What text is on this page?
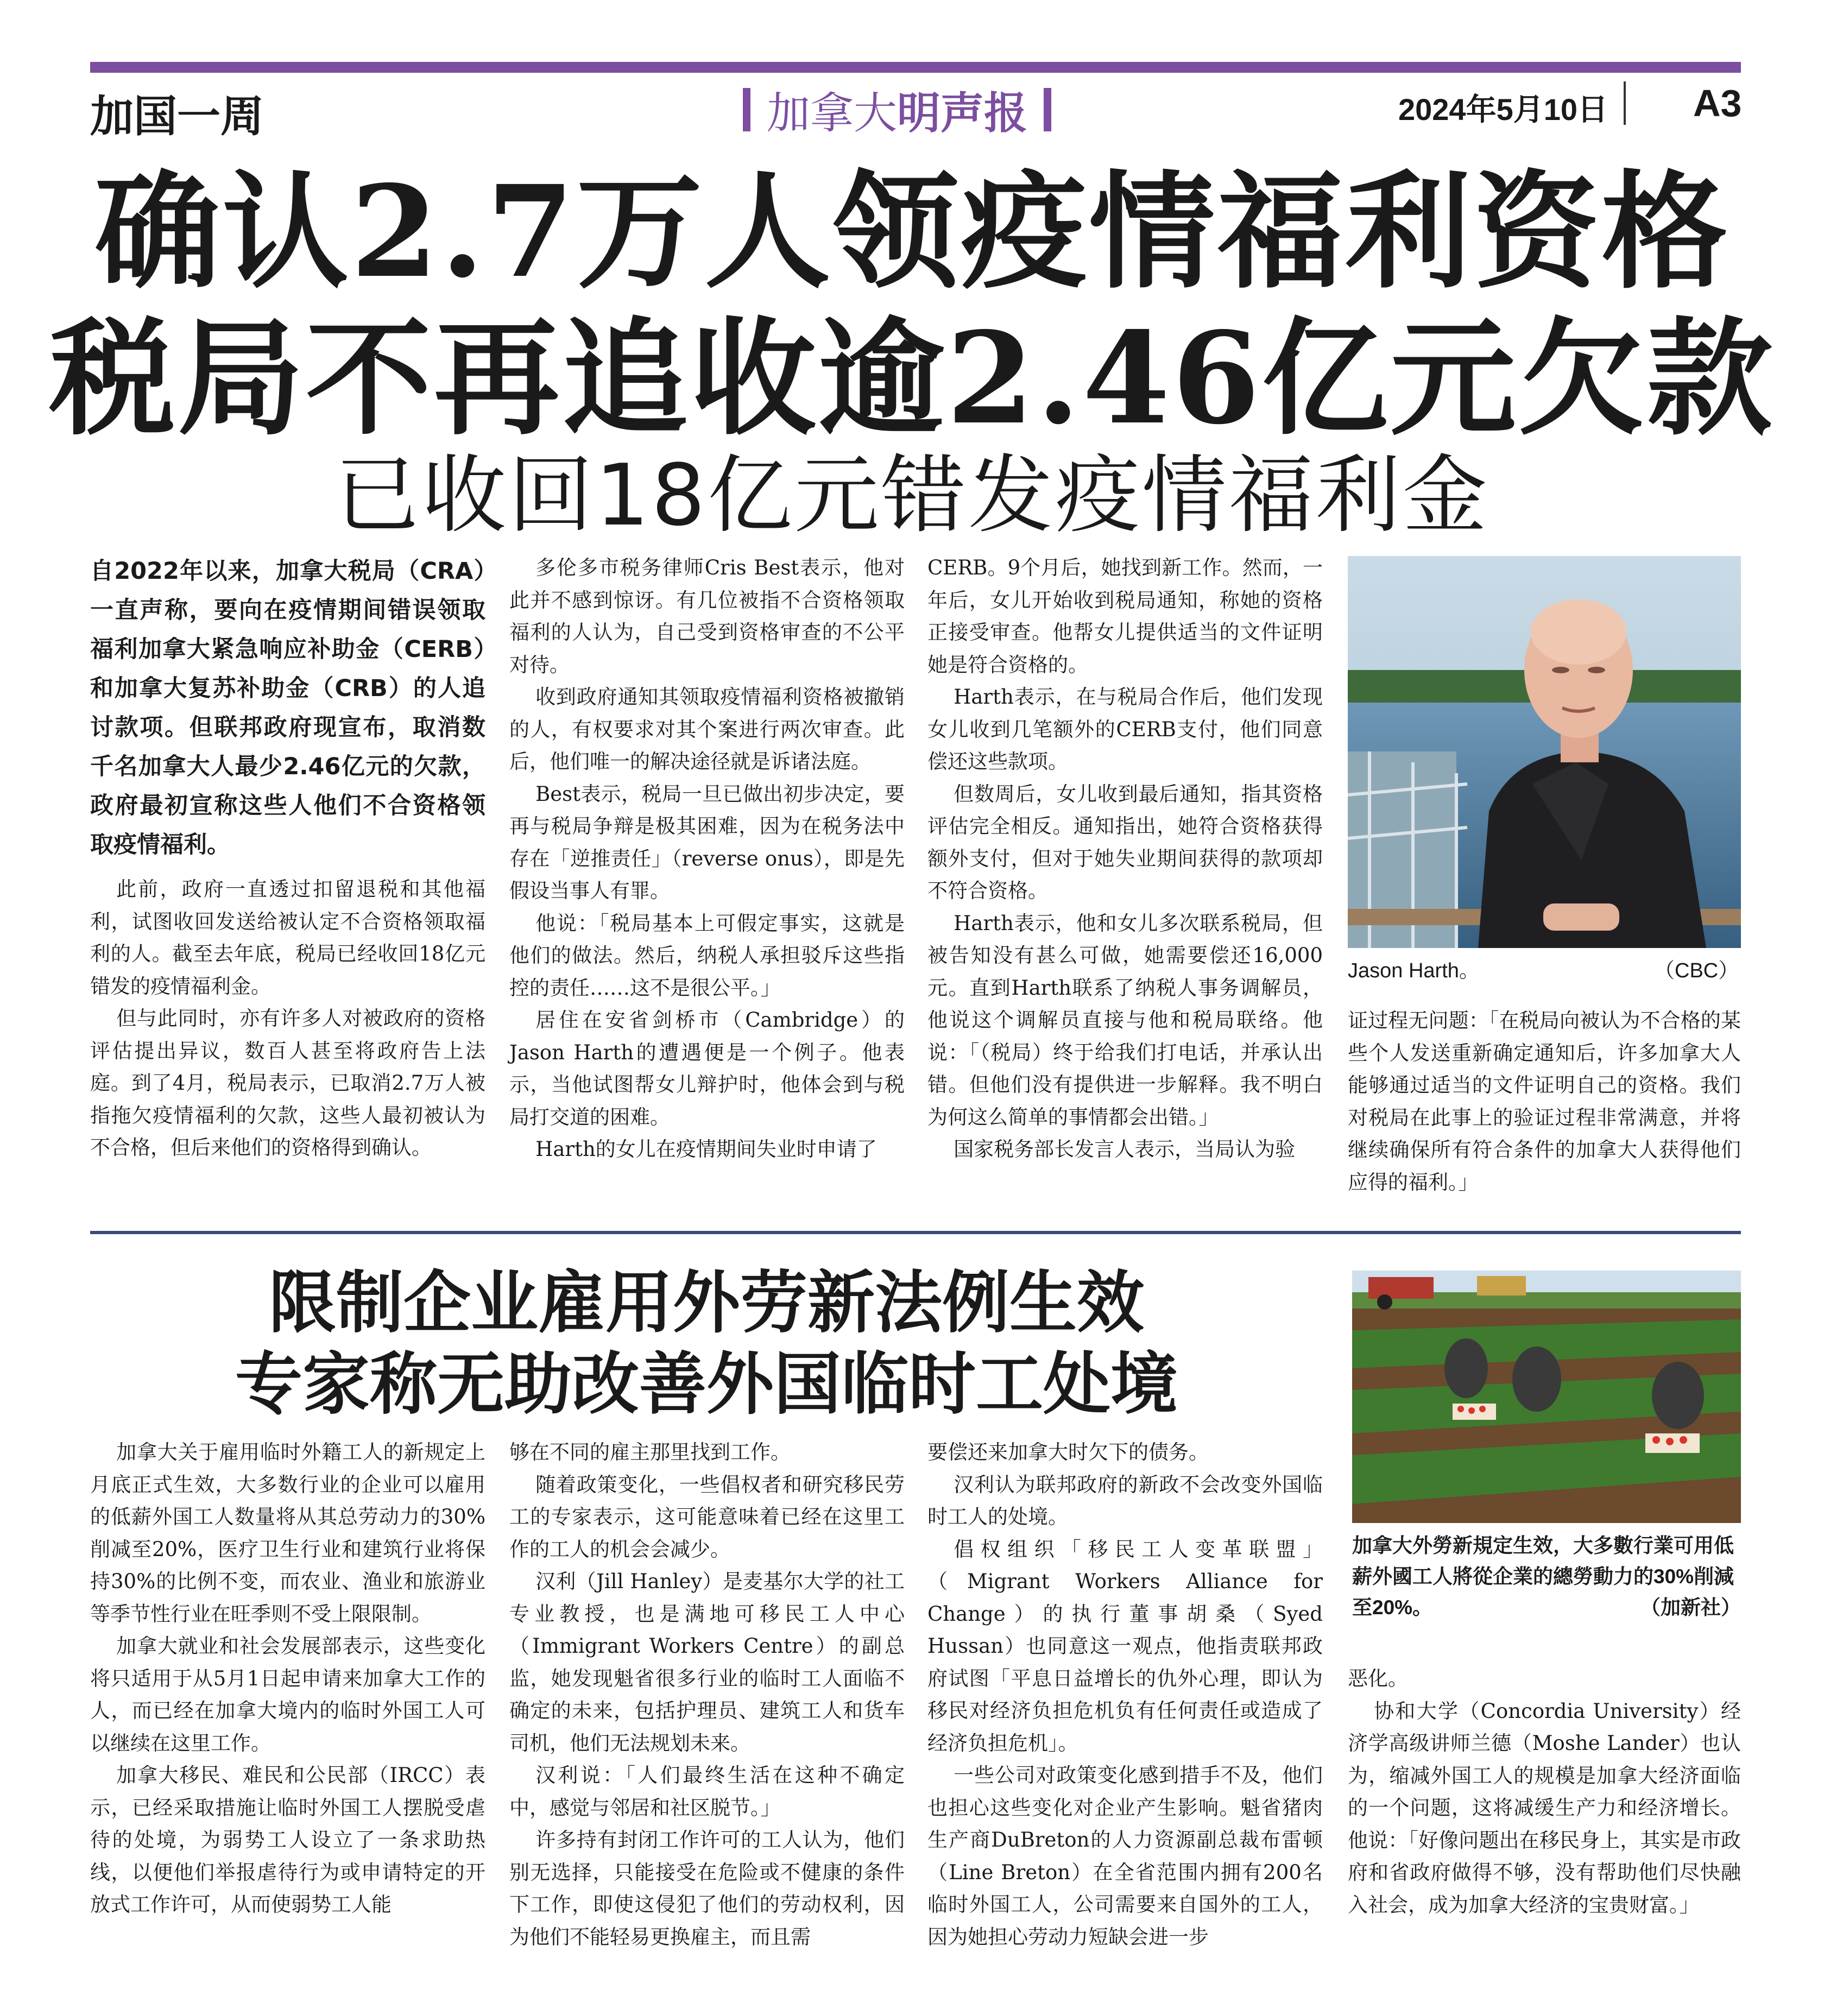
加国一周	加拿大明声报	2024年5月10日 A3
确认2.7万人领疫情福利资格
税局不再追收逾2.46亿元欠款
已收回18亿元错发疫情福利金

自2022年以来，加拿大税局（CRA）一直声称，要向在疫情期间错误领取福利加拿大紧急响应补助金（CERB）和加拿大复苏补助金（CRB）的人追讨款项。但联邦政府现宣布，取消数千名加拿大人最少2.46亿元的欠款，政府最初宣称这些人他们不合资格领取疫情福利。

此前，政府一直透过扣留退税和其他福利，试图收回发送给被认定不合资格领取福利的人。截至去年底，税局已经收回18亿元错发的疫情福利金。

但与此同时，亦有许多人对被政府的资格评估提出异议，数百人甚至将政府告上法庭。到了4月，税局表示，已取消2.7万人被指拖欠疫情福利的欠款，这些人最初被认为不合格，但后来他们的资格得到确认。

多伦多市税务律师Cris Best表示，他对此并不感到惊讶。有几位被指不合资格领取福利的人认为，自己受到资格审查的不公平对待。

收到政府通知其领取疫情福利资格被撤销的人，有权要求对其个案进行两次审查。此后，他们唯一的解决途径就是诉诸法庭。

Best表示，税局一旦已做出初步决定，要再与税局争辩是极其困难，因为在税务法中存在「逆推责任」（reverse onus），即是先假设当事人有罪。

他说：「税局基本上可假定事实，这就是他们的做法。然后，纳税人承担驳斥这些指控的责任……这不是很公平。」

居住在安省剑桥市（Cambridge）的Jason Harth的遭遇便是一个例子。他表示，当他试图帮女儿辩护时，他体会到与税局打交道的困难。

Harth的女儿在疫情期间失业时申请了

CERB。9个月后，她找到新工作。然而，一年后，女儿开始收到税局通知，称她的资格正接受审查。他帮女儿提供适当的文件证明她是符合资格的。

Harth表示，在与税局合作后，他们发现女儿收到几笔额外的CERB支付，他们同意偿还这些款项。

但数周后，女儿收到最后通知，指其资格评估完全相反。通知指出，她符合资格获得额外支付，但对于她失业期间获得的款项却不符合资格。

Harth表示，他和女儿多次联系税局，但被告知没有甚么可做，她需要偿还16,000元。直到Harth联系了纳税人事务调解员，他说这个调解员直接与他和税局联络。他说：「（税局）终于给我们打电话，并承认出错。但他们没有提供进一步解释。我不明白为何这么简单的事情都会出错。」

国家税务部长发言人表示，当局认为验

Jason Harth。	（CBC）

证过程无问题：「在税局向被认为不合格的某些个人发送重新确定通知后，许多加拿大人能够通过适当的文件证明自己的资格。我们对税局在此事上的验证过程非常满意，并将继续确保所有符合条件的加拿大人获得他们应得的福利。」

限制企业雇用外劳新法例生效
专家称无助改善外国临时工处境

加拿大关于雇用临时外籍工人的新规定上月底正式生效，大多数行业的企业可以雇用的低薪外国工人数量将从其总劳动力的30%削减至20%，医疗卫生行业和建筑行业将保持30%的比例不变，而农业、渔业和旅游业等季节性行业在旺季则不受上限限制。

加拿大就业和社会发展部表示，这些变化将只适用于从5月1日起申请来加拿大工作的人，而已经在加拿大境内的临时外国工人可以继续在这里工作。

加拿大移民、难民和公民部（IRCC）表示，已经采取措施让临时外国工人摆脱受虐待的处境，为弱势工人设立了一条求助热线，以便他们举报虐待行为或申请特定的开放式工作许可，从而使弱势工人能

够在不同的雇主那里找到工作。

随着政策变化，一些倡权者和研究移民劳工的专家表示，这可能意味着已经在这里工作的工人的机会会减少。

汉利（Jill Hanley）是麦基尔大学的社工专业教授，也是满地可移民工人中心（Immigrant Workers Centre）的副总监，她发现魁省很多行业的临时工人面临不确定的未来，包括护理员、建筑工人和货车司机，他们无法规划未来。

汉利说：「人们最终生活在这种不确定中，感觉与邻居和社区脱节。」

许多持有封闭工作许可的工人认为，他们别无选择，只能接受在危险或不健康的条件下工作，即使这侵犯了他们的劳动权利，因为他们不能轻易更换雇主，而且需

要偿还来加拿大时欠下的债务。

汉利认为联邦政府的新政不会改变外国临时工人的处境。

倡权组织「移民工人变革联盟」（Migrant Workers Alliance for Change）的执行董事胡桑（Syed Hussan）也同意这一观点，他指责联邦政府试图「平息日益增长的仇外心理，即认为移民对经济负担危机负有任何责任或造成了经济负担危机」。

一些公司对政策变化感到措手不及，他们也担心这些变化对企业产生影响。魁省猪肉生产商DuBreton的人力资源副总裁布雷顿（Line Breton）在全省范围内拥有200名临时外国工人，公司需要来自国外的工人，因为她担心劳动力短缺会进一步

加拿大外勞新規定生效，大多數行業可用低薪外國工人將從企業的總勞動力的30%削減至20%。	（加新社）

恶化。

协和大学（Concordia University）经济学高级讲师兰德（Moshe Lander）也认为，缩减外国工人的规模是加拿大经济面临的一个问题，这将减缓生产力和经济增长。他说：「好像问题出在移民身上，其实是市政府和省政府做得不够，没有帮助他们尽快融入社会，成为加拿大经济的宝贵财富。」
